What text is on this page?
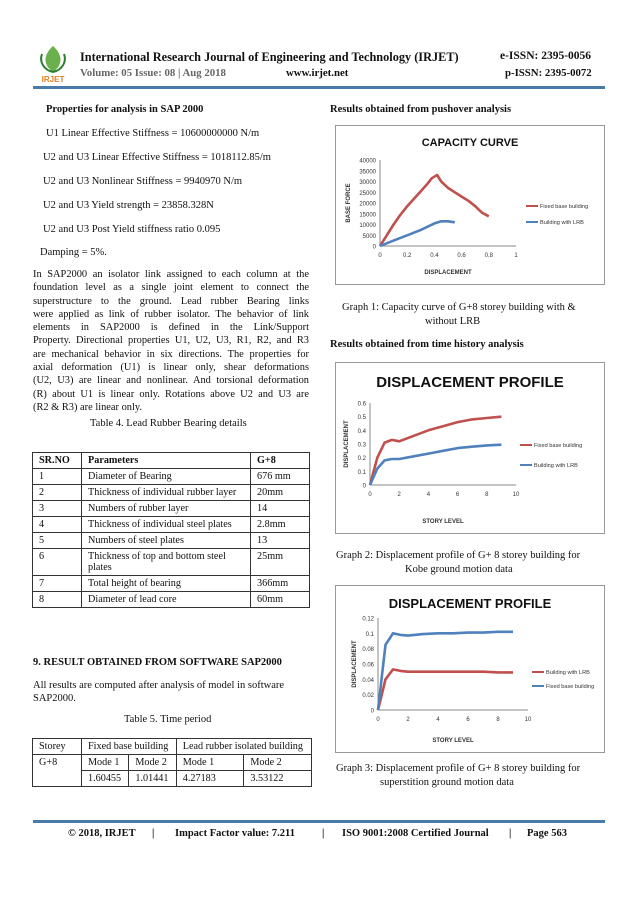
IRJET
International Research Journal of Engineering and Technology (IRJET)	e-ISSN: 2395-0056
Volume: 05 Issue: 08 | Aug 2018	www.irjet.net	p-ISSN: 2395-0072
Properties for analysis in SAP 2000
U1 Linear Effective Stiffness = 10600000000 N/m
U2 and U3 Linear Effective Stiffness = 1018112.85/m
U2 and U3 Nonlinear Stiffness = 9940970 N/m
U2 and U3 Yield strength = 23858.328N
U2 and U3 Post Yield stiffness ratio 0.095
Damping = 5%.
In SAP2000 an isolator link assigned to each column at the
foundation level as a single joint element to connect the
superstructure to the ground. Lead rubber Bearing links
were applied as link of rubber isolator. The behavior of link
elements in SAP2000 is defined in the Link/Support
Property. Directional properties U1, U2, U3, R1, R2, and R3
are mechanical behavior in six directions. The properties for
axial deformation (U1) is linear only, shear deformations
(U2, U3) are linear and nonlinear. And torsional deformation
(R) about U1 is linear only. Rotations above U2 and U3 are
(R2 & R3) are linear only.
Table 4. Lead Rubber Bearing details
SR.NO	Parameters	G+8
1	Diameter of Bearing	676 mm
2	Thickness of individual rubber layer	20mm
3	Numbers of rubber layer	14
4	Thickness of individual steel plates	2.8mm
5	Numbers of steel plates	13
6	Thickness of top and bottom steel plates	25mm
7	Total height of bearing	366mm
8	Diameter of lead core	60mm
9. RESULT OBTAINED FROM SOFTWARE SAP2000
All results are computed after analysis of model in software
SAP2000.
Table 5. Time period
Storey	Fixed base building		Lead rubber isolated building	
G+8	Mode 1	Mode 2	Mode 1	Mode 2
	1.60455	1.01441	4.27183	3.53122
Results obtained from pushover analysis
CAPACITY CURVE
0
5000
10000
15000
20000
25000
30000
35000
40000
0	0.2	0.4	0.6	0.8	1
DISPLACEMENT
BASE FORCE	Fixed base building
Building with LRB
Graph 1: Capacity curve of G+8 storey building with &
without LRB
Results obtained from time history analysis
DISPLACEMENT PROFILE
0
0.1
0.2
0.3
0.4
0.5
0.6
0	2	4	6	8	10
STORY LEVEL
DISPLACEMENT	Fixed base building
Building with LRB
Graph 2: Displacement profile of G+ 8 storey building for
Kobe ground motion data
DISPLACEMENT PROFILE
0
0.02
0.04
0.06
0.08
0.1
0.12
0	2	4	6	8	10
STORY LEVEL
DISPLACEMENT	Building with LRB
Fixed base building
Graph 3: Displacement profile of G+ 8 storey building for
superstition ground motion data
© 2018, IRJET | Impact Factor value: 7.211	| ISO 9001:2008 Certified Journal | Page 563
